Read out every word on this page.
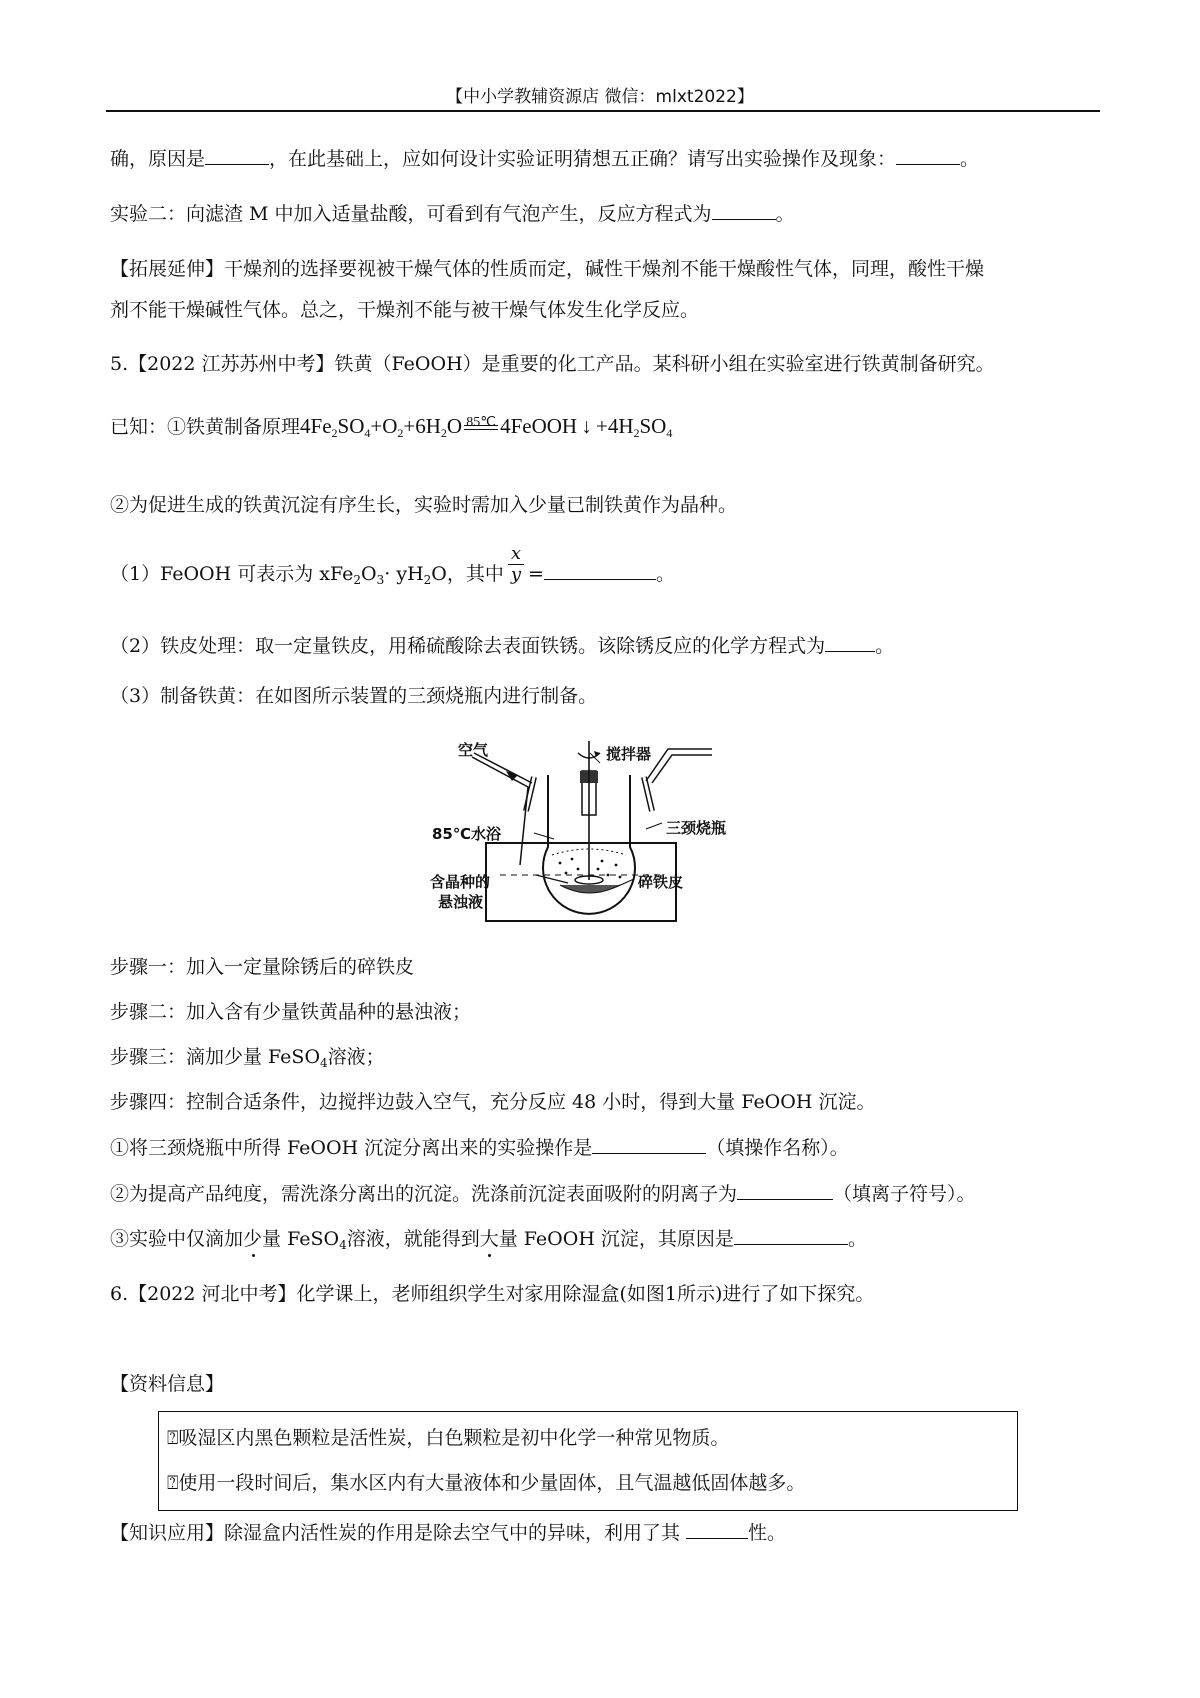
【中小学教辅资源店 微信：mlxt2022】
确，原因是	，在此基础上，应如何设计实验证明猜想五正确？请写出实验操作及现象：	。
实验二：向滤渣 M 中加入适量盐酸，可看到有气泡产生，反应方程式为	。
【拓展延伸】干燥剂的选择要视被干燥气体的性质而定，碱性干燥剂不能干燥酸性气体，同理，酸性干燥
剂不能干燥碱性气体。总之，干燥剂不能与被干燥气体发生化学反应。
5.【2022 江苏苏州中考】铁黄（FeOOH）是重要的化工产品。某科研小组在实验室进行铁黄制备研究。
已知：①铁黄制备原理$4Fe_2SO_4+O_2+6H_2O$ 85℃ 4FeOOH ↓ $+4H_2SO_4$
②为促进生成的铁黄沉淀有序生长，实验时需加入少量已制铁黄作为晶种。
（1）FeOOH 可表示为 $xFe_2O_3\cdot yH_2O$，其中 $\frac{x}{y}$ =	。
（2）铁皮处理：取一定量铁皮，用稀硫酸除去表面铁锈。该除锈反应的化学方程式为	。
（3）制备铁黄：在如图所示装置的三颈烧瓶内进行制备。
空气	搅拌器
三颈烧瓶
85℃水浴
含晶种的
悬浊液
碎铁皮
步骤一：加入一定量除锈后的碎铁皮
步骤二：加入含有少量铁黄晶种的悬浊液；
步骤三：滴加少量 FeSO$_4$溶液；
步骤四：控制合适条件，边搅拌边鼓入空气，充分反应 48 小时，得到大量 FeOOH 沉淀。
①将三颈烧瓶中所得 FeOOH 沉淀分离出来的实验操作是	（填操作名称）。
②为提高产品纯度，需洗涤分离出的沉淀。洗涤前沉淀表面吸附的阴离子为	（填离子符号）。
③实验中仅滴加少量 FeSO$_4$溶液，就能得到大量 FeOOH 沉淀，其原因是	。
6.【2022 河北中考】化学课上，老师组织学生对家用除湿盒(如图1所示)进行了如下探究。
【资料信息】
⍰吸湿区内黑色颗粒是活性炭，白色颗粒是初中化学一种常见物质。
⍰使用一段时间后，集水区内有大量液体和少量固体，且气温越低固体越多。
【知识应用】除湿盒内活性炭的作用是除去空气中的异味，利用了其	性。
